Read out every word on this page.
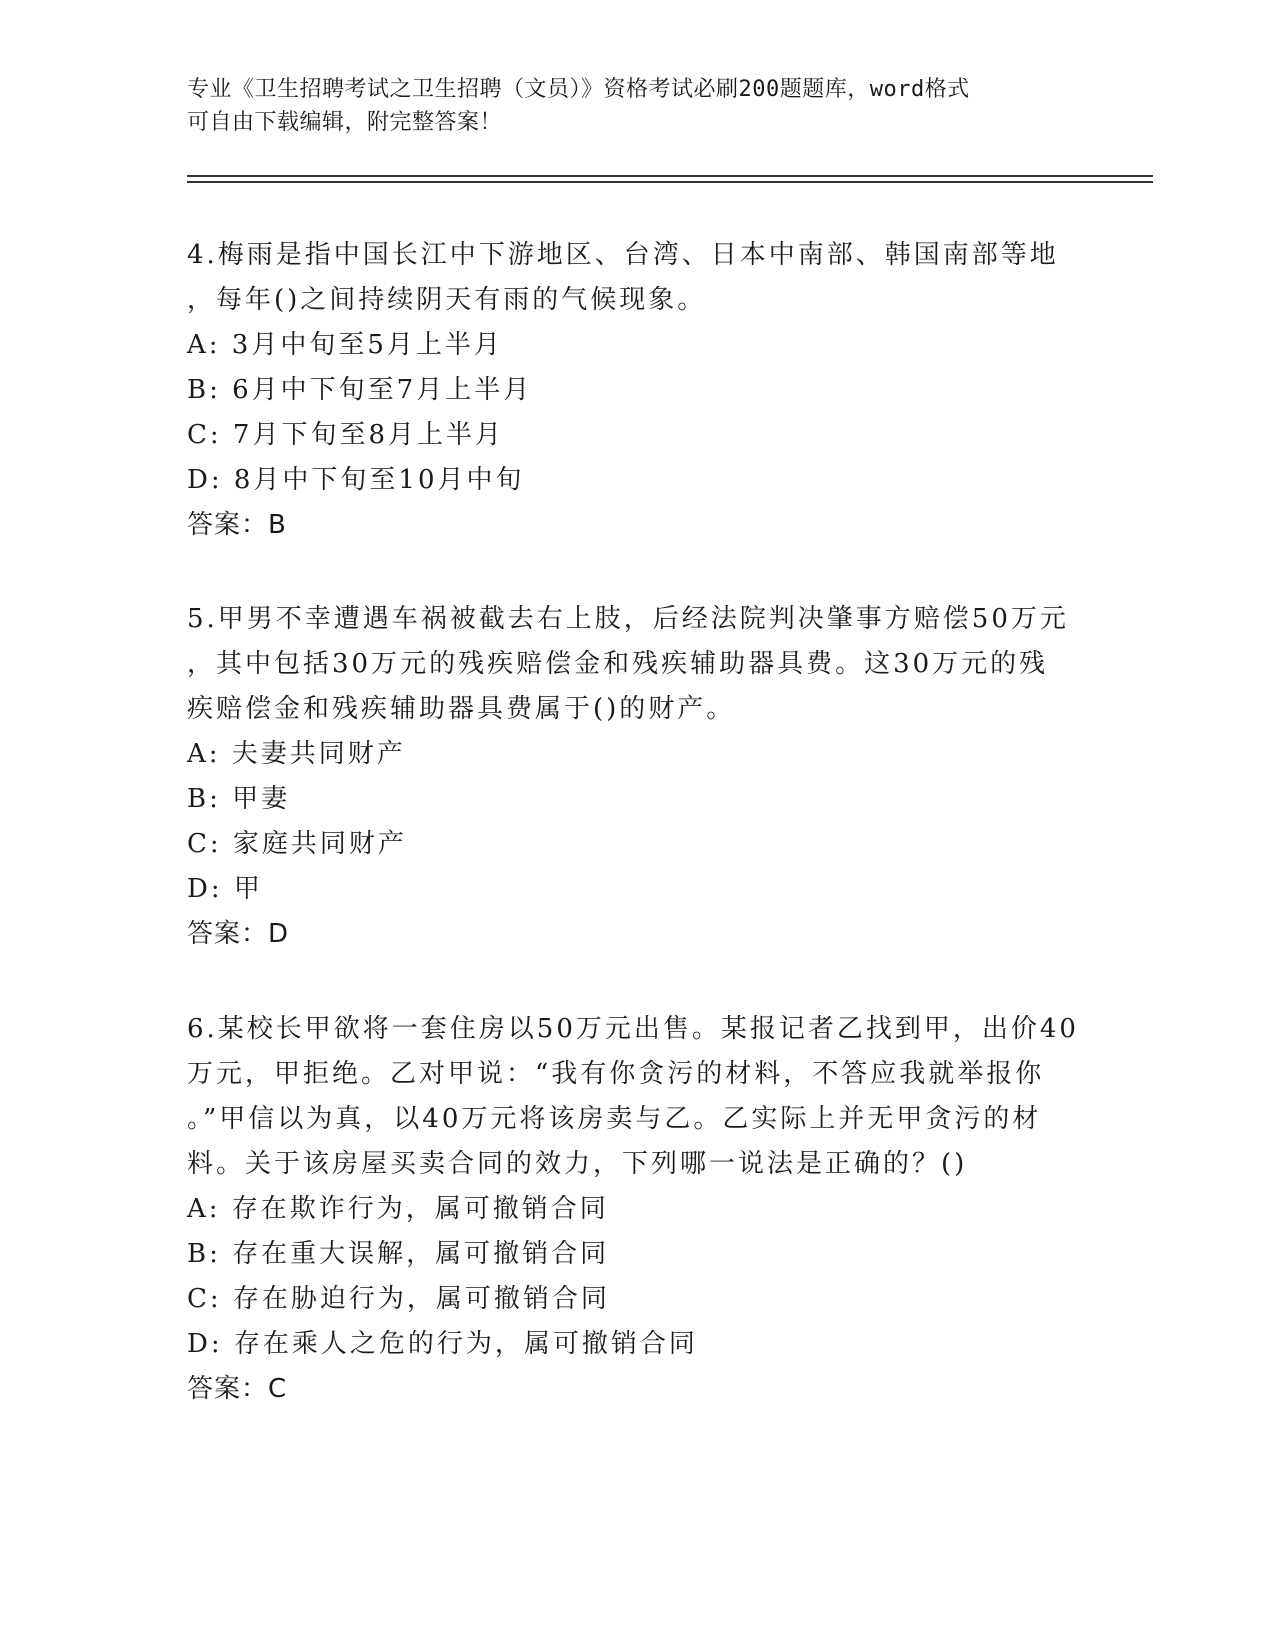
专业《卫生招聘考试之卫生招聘（文员）》资格考试必刷200题题库，word格式
可自由下载编辑，附完整答案！
4.梅雨是指中国长江中下游地区、台湾、日本中南部、韩国南部等地
，每年()之间持续阴天有雨的气候现象。
A: 3月中旬至5月上半月
B: 6月中下旬至7月上半月
C: 7月下旬至8月上半月
D: 8月中下旬至10月中旬
答案：B
5.甲男不幸遭遇车祸被截去右上肢，后经法院判决肇事方赔偿50万元
，其中包括30万元的残疾赔偿金和残疾辅助器具费。这30万元的残
疾赔偿金和残疾辅助器具费属于()的财产。
A: 夫妻共同财产
B: 甲妻
C: 家庭共同财产
D: 甲
答案：D
6.某校长甲欲将一套住房以50万元出售。某报记者乙找到甲，出价40
万元，甲拒绝。乙对甲说：“我有你贪污的材料，不答应我就举报你
。”甲信以为真，以40万元将该房卖与乙。乙实际上并无甲贪污的材
料。关于该房屋买卖合同的效力，下列哪一说法是正确的？()
A: 存在欺诈行为，属可撤销合同
B: 存在重大误解，属可撤销合同
C: 存在胁迫行为，属可撤销合同
D: 存在乘人之危的行为，属可撤销合同
答案：C
